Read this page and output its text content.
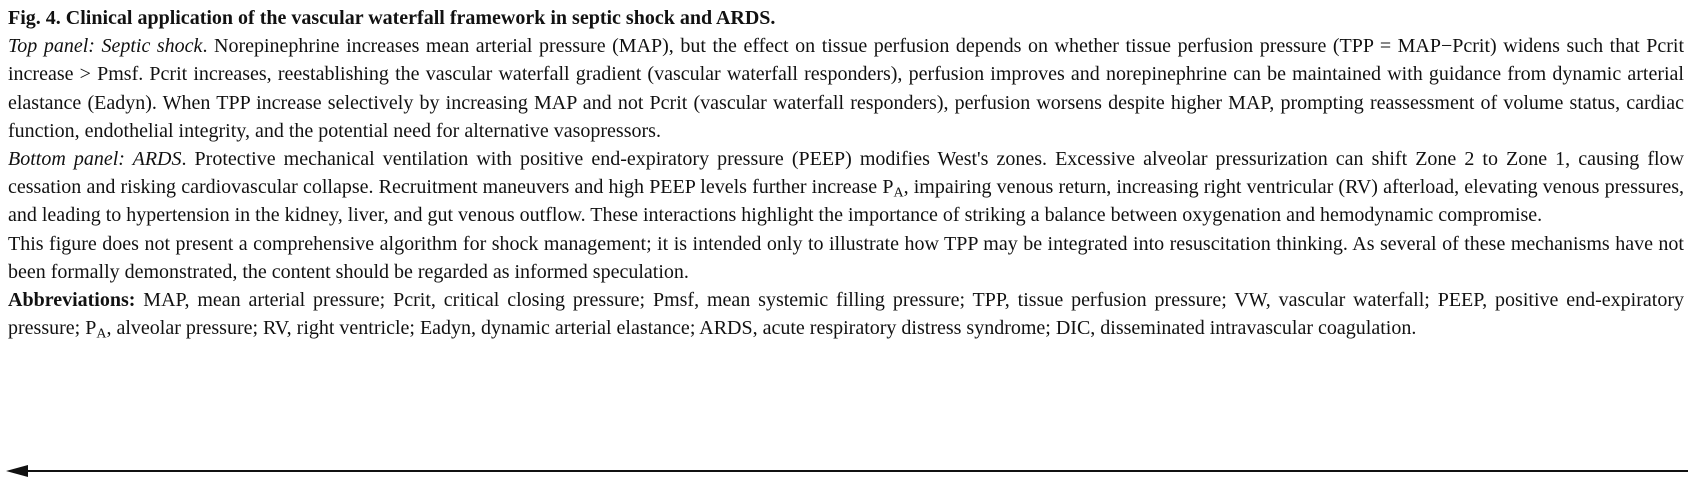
Fig. 4. Clinical application of the vascular waterfall framework in septic shock and ARDS.

Top panel: Septic shock. Norepinephrine increases mean arterial pressure (MAP), but the effect on tissue perfusion depends on whether tissue perfusion pressure (TPP = MAP−Pcrit) widens such that Pcrit increase > Pmsf. Pcrit increases, reestablishing the vascular waterfall gradient (vascular waterfall responders), perfusion improves and norepinephrine can be maintained with guidance from dynamic arterial elastance (Eadyn). When TPP increase selectively by increasing MAP and not Pcrit (vascular waterfall responders), perfusion worsens despite higher MAP, prompting reassessment of volume status, cardiac function, endothelial integrity, and the potential need for alternative vasopressors.

Bottom panel: ARDS. Protective mechanical ventilation with positive end-expiratory pressure (PEEP) modifies West's zones. Excessive alveolar pressurization can shift Zone 2 to Zone 1, causing flow cessation and risking cardiovascular collapse. Recruitment maneuvers and high PEEP levels further increase $P_A$, impairing venous return, increasing right ventricular (RV) afterload, elevating venous pressures, and leading to hypertension in the kidney, liver, and gut venous outflow. These interactions highlight the importance of striking a balance between oxygenation and hemodynamic compromise.

This figure does not present a comprehensive algorithm for shock management; it is intended only to illustrate how TPP may be integrated into resuscitation thinking. As several of these mechanisms have not been formally demonstrated, the content should be regarded as informed speculation.

Abbreviations: MAP, mean arterial pressure; Pcrit, critical closing pressure; Pmsf, mean systemic filling pressure; TPP, tissue perfusion pressure; VW, vascular waterfall; PEEP, positive end-expiratory pressure; $P_A$, alveolar pressure; RV, right ventricle; Eadyn, dynamic arterial elastance; ARDS, acute respiratory distress syndrome; DIC, disseminated intravascular coagulation.
